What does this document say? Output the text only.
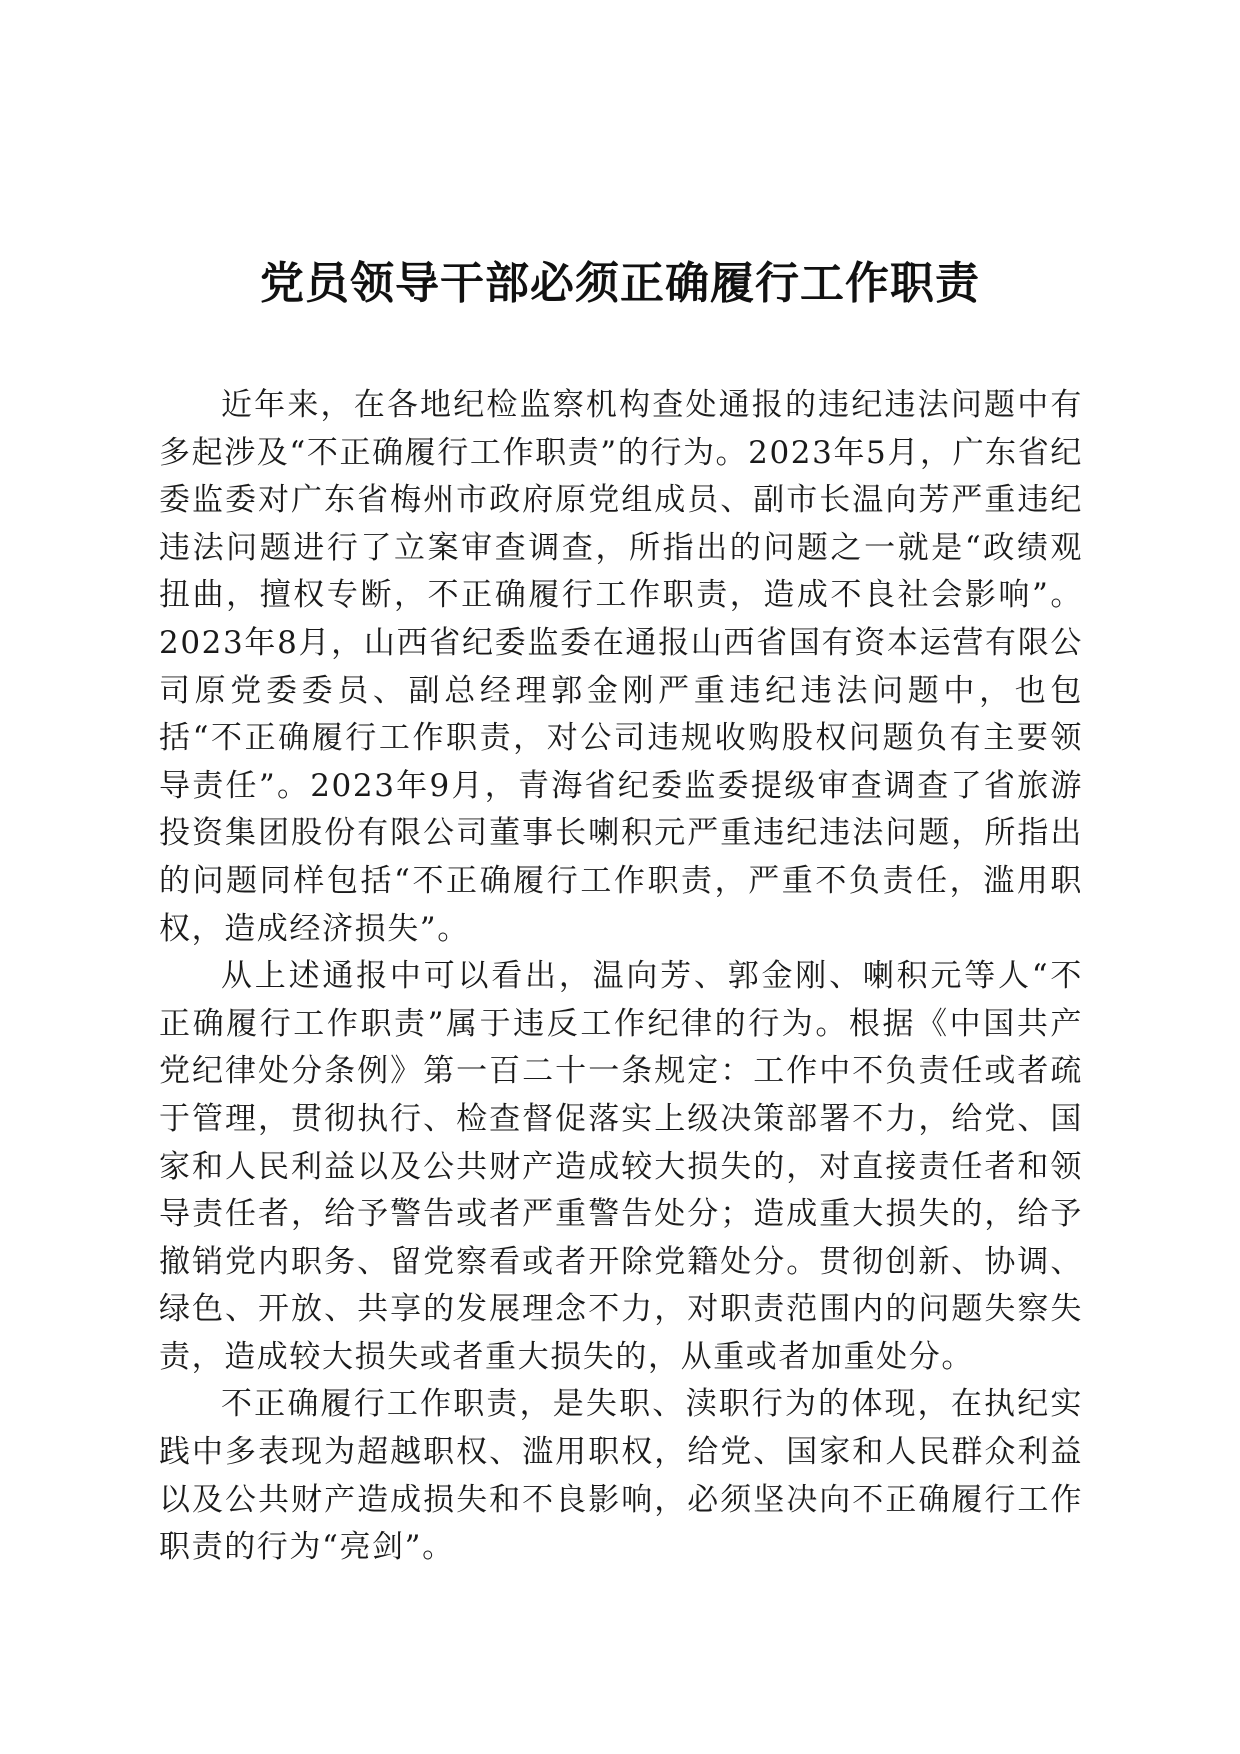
党员领导干部必须正确履行工作职责

近年来，在各地纪检监察机构查处通报的违纪违法问题中有多起涉及“不正确履行工作职责”的行为。2023年5月，广东省纪委监委对广东省梅州市政府原党组成员、副市长温向芳严重违纪违法问题进行了立案审查调查，所指出的问题之一就是“政绩观扭曲，擅权专断，不正确履行工作职责，造成不良社会影响”。2023年8月，山西省纪委监委在通报山西省国有资本运营有限公司原党委委员、副总经理郭金刚严重违纪违法问题中，也包括“不正确履行工作职责，对公司违规收购股权问题负有主要领导责任”。2023年9月，青海省纪委监委提级审查调查了省旅游投资集团股份有限公司董事长喇积元严重违纪违法问题，所指出的问题同样包括“不正确履行工作职责，严重不负责任，滥用职权，造成经济损失”。

从上述通报中可以看出，温向芳、郭金刚、喇积元等人“不正确履行工作职责”属于违反工作纪律的行为。根据《中国共产党纪律处分条例》第一百二十一条规定：工作中不负责任或者疏于管理，贯彻执行、检查督促落实上级决策部署不力，给党、国家和人民利益以及公共财产造成较大损失的，对直接责任者和领导责任者，给予警告或者严重警告处分；造成重大损失的，给予撤销党内职务、留党察看或者开除党籍处分。贯彻创新、协调、绿色、开放、共享的发展理念不力，对职责范围内的问题失察失责，造成较大损失或者重大损失的，从重或者加重处分。

不正确履行工作职责，是失职、渎职行为的体现，在执纪实践中多表现为超越职权、滥用职权，给党、国家和人民群众利益以及公共财产造成损失和不良影响，必须坚决向不正确履行工作职责的行为“亮剑”。
